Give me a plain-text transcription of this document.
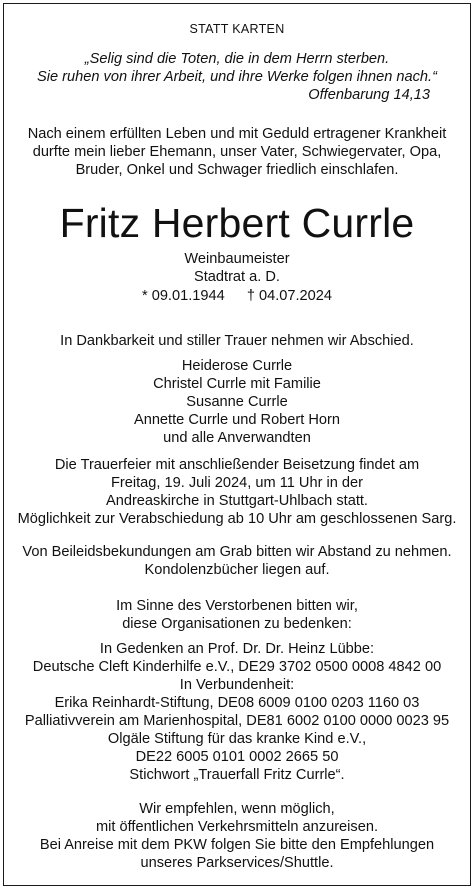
STATT KARTEN
„Selig sind die Toten, die in dem Herrn sterben.
Sie ruhen von ihrer Arbeit, und ihre Werke folgen ihnen nach.“
Offenbarung 14,13
Nach einem erfüllten Leben und mit Geduld ertragener Krankheit
durfte mein lieber Ehemann, unser Vater, Schwiegervater, Opa,
Bruder, Onkel und Schwager friedlich einschlafen.
Fritz Herbert Currle
Weinbaumeister
Stadtrat a. D.
* 09.01.1944 † 04.07.2024
In Dankbarkeit und stiller Trauer nehmen wir Abschied.
Heiderose Currle
Christel Currle mit Familie
Susanne Currle
Annette Currle und Robert Horn
und alle Anverwandten
Die Trauerfeier mit anschließender Beisetzung findet am
Freitag, 19. Juli 2024, um 11 Uhr in der
Andreaskirche in Stuttgart-Uhlbach statt.
Möglichkeit zur Verabschiedung ab 10 Uhr am geschlossenen Sarg.
Von Beileidsbekundungen am Grab bitten wir Abstand zu nehmen.
Kondolenzbücher liegen auf.
Im Sinne des Verstorbenen bitten wir,
diese Organisationen zu bedenken:
In Gedenken an Prof. Dr. Dr. Heinz Lübbe:
Deutsche Cleft Kinderhilfe e.V., DE29 3702 0500 0008 4842 00
In Verbundenheit:
Erika Reinhardt-Stiftung, DE08 6009 0100 0203 1160 03
Palliativverein am Marienhospital, DE81 6002 0100 0000 0023 95
Olgäle Stiftung für das kranke Kind e.V.,
DE22 6005 0101 0002 2665 50
Stichwort „Trauerfall Fritz Currle“.
Wir empfehlen, wenn möglich,
mit öffentlichen Verkehrsmitteln anzureisen.
Bei Anreise mit dem PKW folgen Sie bitte den Empfehlungen
unseres Parkservices/Shuttle.
